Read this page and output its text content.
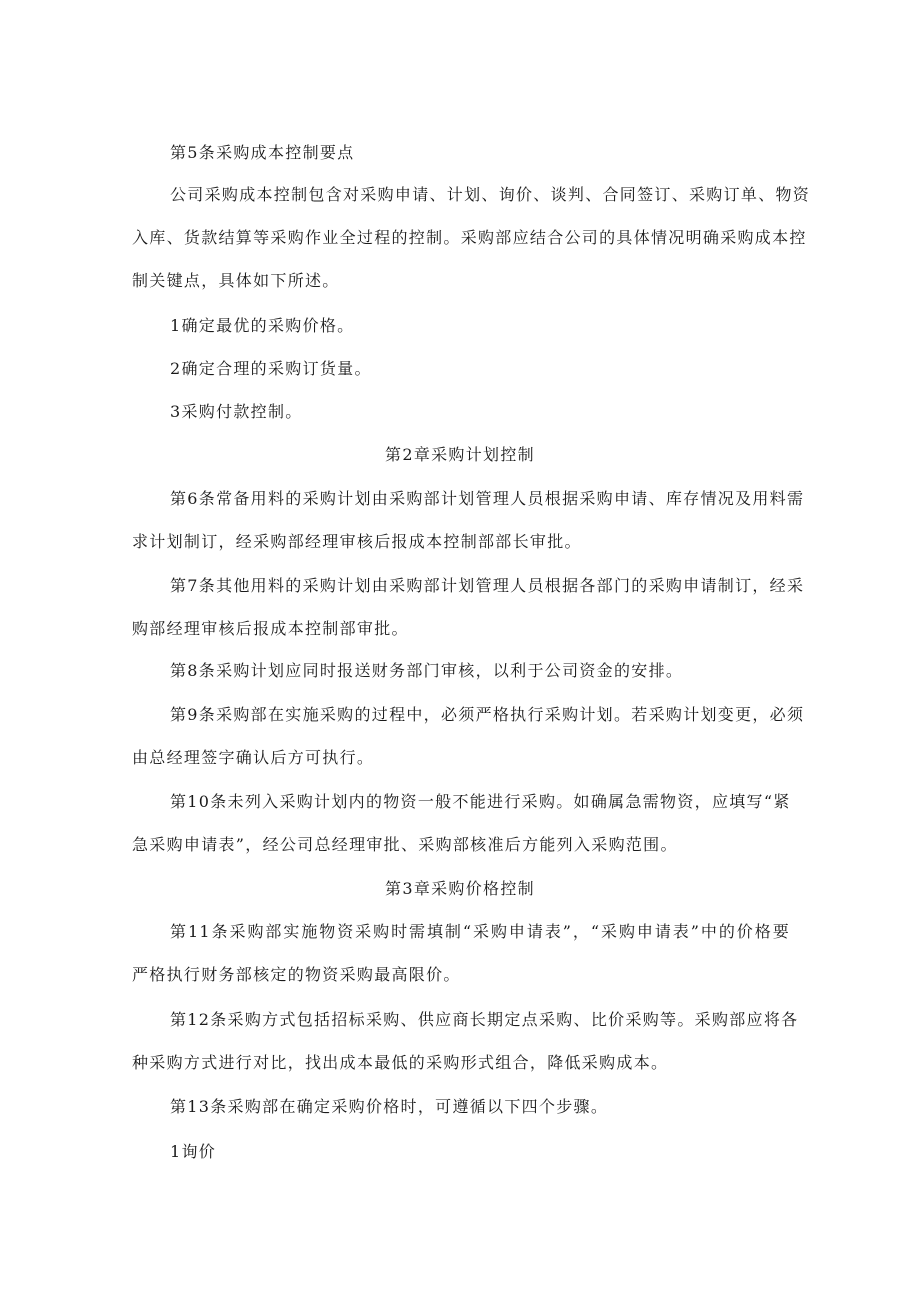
第5条采购成本控制要点
公司采购成本控制包含对采购申请、计划、询价、谈判、合同签订、采购订单、物资
入库、货款结算等采购作业全过程的控制。采购部应结合公司的具体情况明确采购成本控
制关键点，具体如下所述。
1确定最优的采购价格。
2确定合理的采购订货量。
3采购付款控制。
第2章采购计划控制
第6条常备用料的采购计划由采购部计划管理人员根据采购申请、库存情况及用料需
求计划制订，经采购部经理审核后报成本控制部部长审批。
第7条其他用料的采购计划由采购部计划管理人员根据各部门的采购申请制订，经采
购部经理审核后报成本控制部审批。
第8条采购计划应同时报送财务部门审核，以利于公司资金的安排。
第9条采购部在实施采购的过程中，必须严格执行采购计划。若采购计划变更，必须
由总经理签字确认后方可执行。
第10条未列入采购计划内的物资一般不能进行采购。如确属急需物资，应填写“紧
急采购申请表”，经公司总经理审批、采购部核准后方能列入采购范围。
第3章采购价格控制
第11条采购部实施物资采购时需填制“采购申请表”，“采购申请表”中的价格要
严格执行财务部核定的物资采购最高限价。
第12条采购方式包括招标采购、供应商长期定点采购、比价采购等。采购部应将各
种采购方式进行对比，找出成本最低的采购形式组合，降低采购成本。
第13条采购部在确定采购价格时，可遵循以下四个步骤。
1询价
